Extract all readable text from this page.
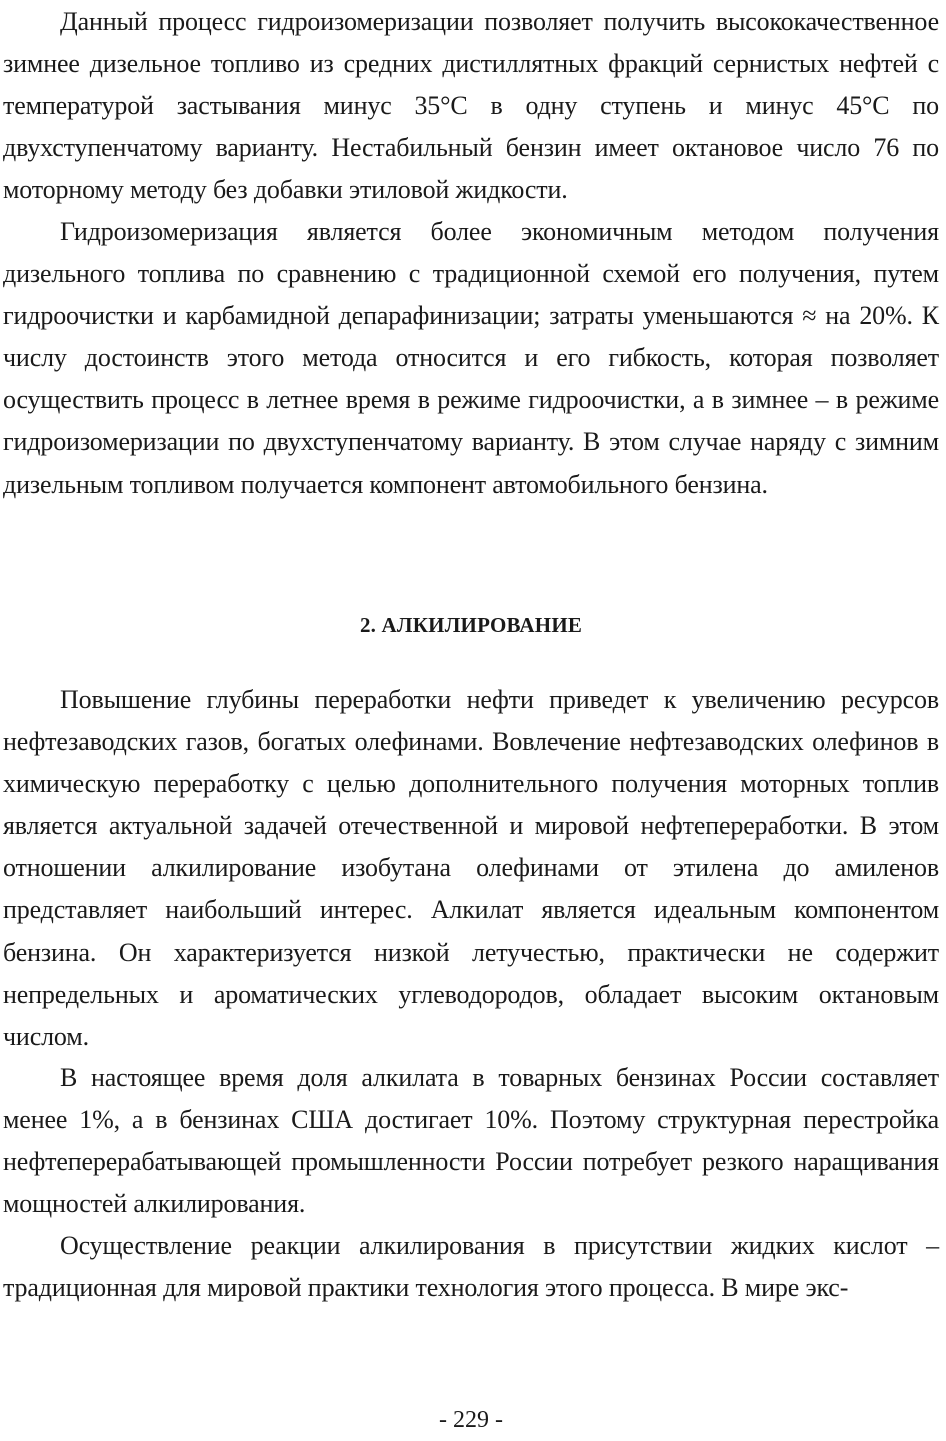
Данный процесс гидроизомеризации позволяет получить высококачественное зимнее дизельное топливо из средних дистиллятных фракций сернистых нефтей с температурой застывания минус 35°C в одну ступень и минус 45°C по двухступенчатому варианту. Нестабильный бензин имеет октановое число 76 по моторному методу без добавки этиловой жидкости.

Гидроизомеризация является более экономичным методом получения дизельного топлива по сравнению с традиционной схемой его получения, путем гидроочистки и карбамидной депарафинизации; затраты уменьшаются ≈ на 20%. К числу достоинств этого метода относится и его гибкость, которая позволяет осуществить процесс в летнее время в режиме гидроочистки, а в зимнее – в режиме гидроизомеризации по двухступенчатому варианту. В этом случае наряду с зимним дизельным топливом получается компонент автомобильного бензина.

2. АЛКИЛИРОВАНИЕ

Повышение глубины переработки нефти приведет к увеличению ресурсов нефтезаводских газов, богатых олефинами. Вовлечение нефтезаводских олефинов в химическую переработку с целью дополнительного получения моторных топлив является актуальной задачей отечественной и мировой нефтепереработки. В этом отношении алкилирование изобутана олефинами от этилена до амиленов представляет наибольший интерес. Алкилат является идеальным компонентом бензина. Он характеризуется низкой летучестью, практически не содержит непредельных и ароматических углеводородов, обладает высоким октановым числом.

В настоящее время доля алкилата в товарных бензинах России составляет менее 1%, а в бензинах США достигает 10%. Поэтому структурная перестройка нефтеперерабатывающей промышленности России потребует резкого наращивания мощностей алкилирования.

Осуществление реакции алкилирования в присутствии жидких кислот – традиционная для мировой практики технология этого процесса. В мире экс-

- 229 -
